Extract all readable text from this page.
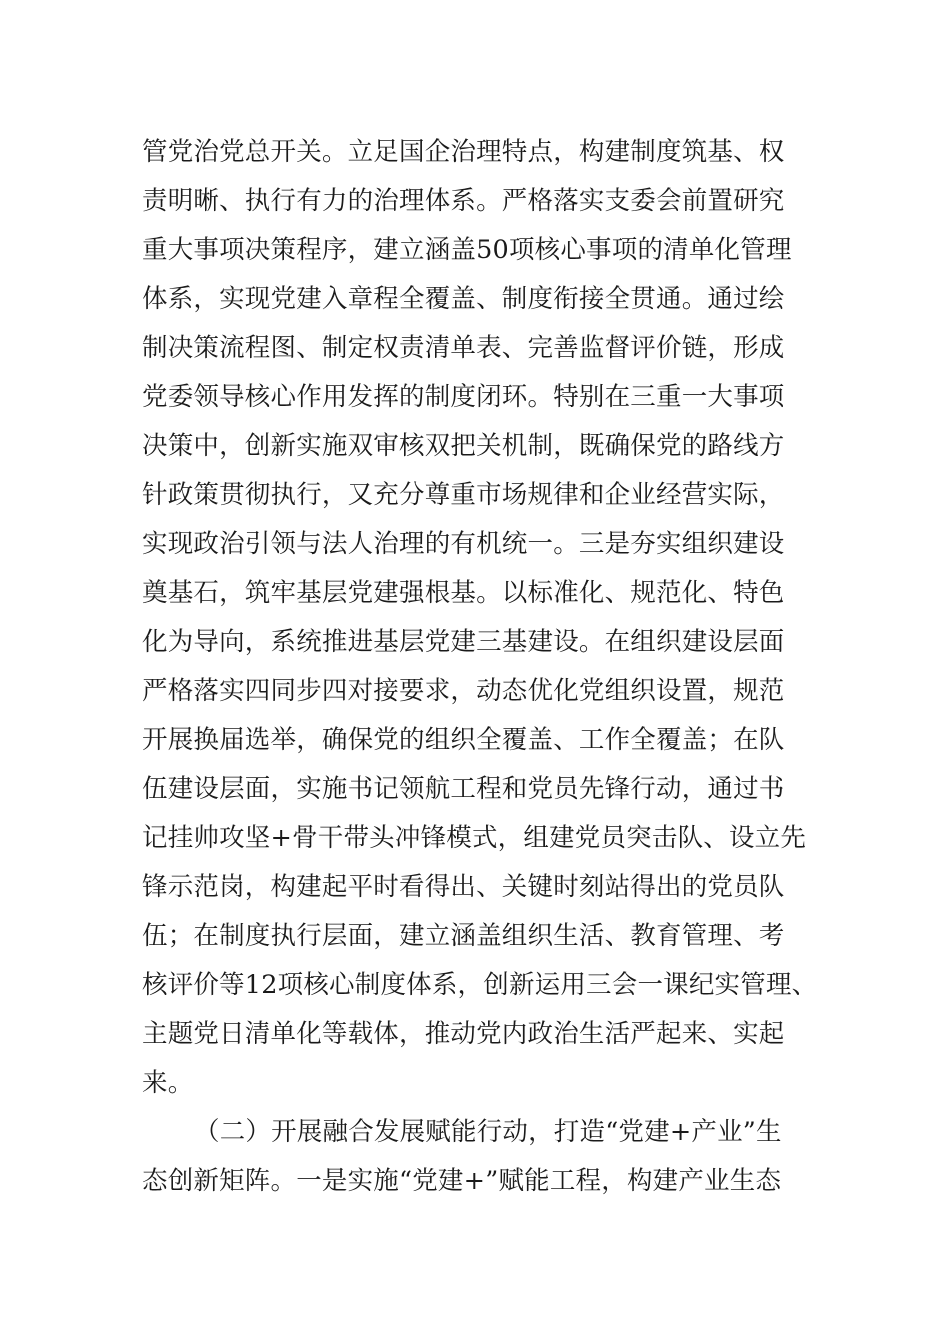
管党治党总开关。立足国企治理特点，构建制度筑基、权
责明晰、执行有力的治理体系。严格落实支委会前置研究
重大事项决策程序，建立涵盖50项核心事项的清单化管理
体系，实现党建入章程全覆盖、制度衔接全贯通。通过绘
制决策流程图、制定权责清单表、完善监督评价链，形成
党委领导核心作用发挥的制度闭环。特别在三重一大事项
决策中，创新实施双审核双把关机制，既确保党的路线方
针政策贯彻执行，又充分尊重市场规律和企业经营实际，
实现政治引领与法人治理的有机统一。三是夯实组织建设
奠基石，筑牢基层党建强根基。以标准化、规范化、特色
化为导向，系统推进基层党建三基建设。在组织建设层面
严格落实四同步四对接要求，动态优化党组织设置，规范
开展换届选举，确保党的组织全覆盖、工作全覆盖；在队
伍建设层面，实施书记领航工程和党员先锋行动，通过书
记挂帅攻坚+骨干带头冲锋模式，组建党员突击队、设立先
锋示范岗，构建起平时看得出、关键时刻站得出的党员队
伍；在制度执行层面，建立涵盖组织生活、教育管理、考
核评价等12项核心制度体系，创新运用三会一课纪实管理、
主题党日清单化等载体，推动党内政治生活严起来、实起
来。
（二）开展融合发展赋能行动，打造“党建+产业”生
态创新矩阵。一是实施“党建+”赋能工程，构建产业生态
